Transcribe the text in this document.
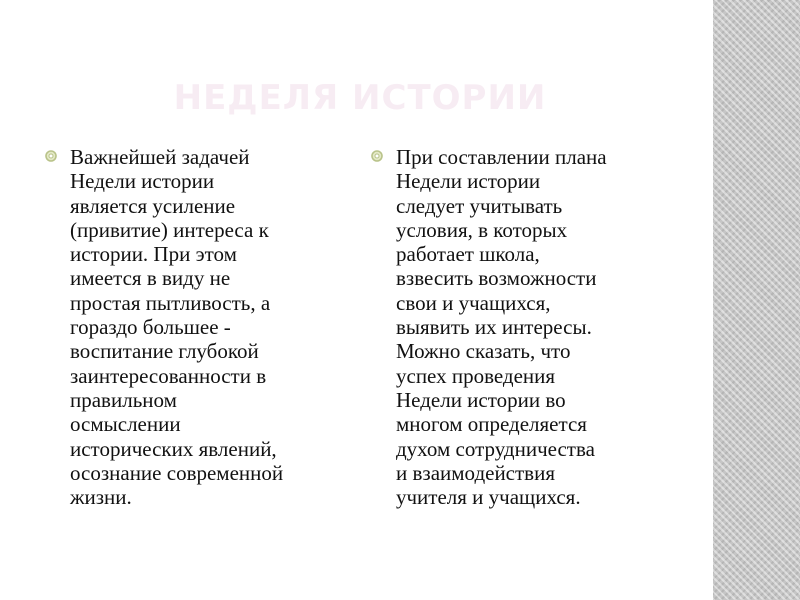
НЕДЕЛЯ ИСТОРИИ
Важнейшей задачей
Недели истории
является усиление
(привитие) интереса к
истории. При этом
имеется в виду не
простая пытливость, а
гораздо большее -
воспитание глубокой
заинтересованности в
правильном
осмыслении
исторических явлений,
осознание современной
жизни.
При составлении плана
Недели истории
следует учитывать
условия, в которых
работает школа,
взвесить возможности
свои и учащихся,
выявить их интересы.
Можно сказать, что
успех проведения
Недели истории во
многом определяется
духом сотрудничества
и взаимодействия
учителя и учащихся.
